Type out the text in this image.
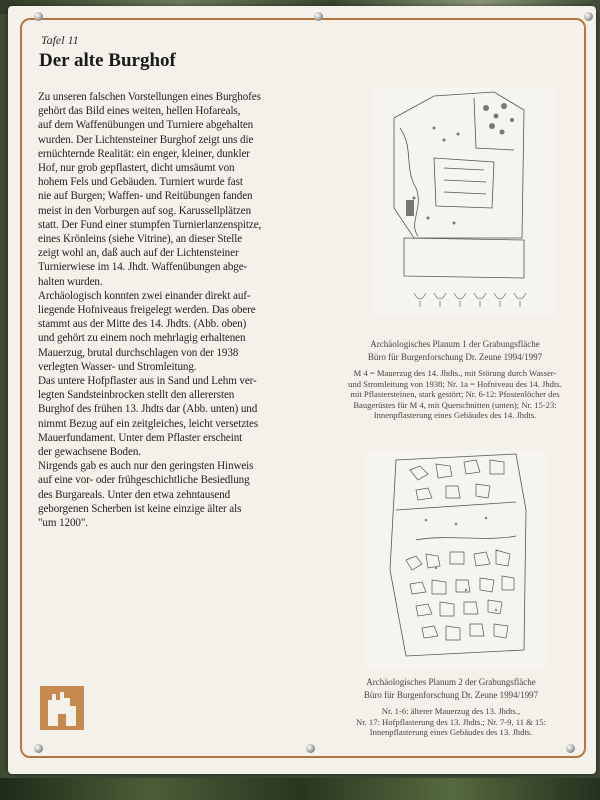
Tafel 11
Der alte Burghof
Zu unseren falschen Vorstellungen eines Burghofes
gehört das Bild eines weiten, hellen Hofareals,
auf dem Waffenübungen und Turniere abgehalten
wurden. Der Lichtensteiner Burghof zeigt uns die
ernüchternde Realität: ein enger, kleiner, dunkler
Hof, nur grob gepflastert, dicht umsäumt von
hohem Fels und Gebäuden. Turniert wurde fast
nie auf Burgen; Waffen- und Reitübungen fanden
meist in den Vorburgen auf sog. Karussellplätzen
statt. Der Fund einer stumpfen Turnierlanzenspitze,
eines Krönleins (siehe Vitrine), an dieser Stelle
zeigt wohl an, daß auch auf der Lichtensteiner
Turnierwiese im 14. Jhdt. Waffenübungen abge-
halten wurden.
Archäologisch konnten zwei einander direkt auf-
liegende Hofniveaus freigelegt werden. Das obere
stammt aus der Mitte des 14. Jhdts. (Abb. oben)
und gehört zu einem noch mehrlagig erhaltenen
Mauerzug, brutal durchschlagen von der 1938
verlegten Wasser- und Stromleitung.
Das untere Hofpflaster aus in Sand und Lehm ver-
legten Sandsteinbrocken stellt den allerersten
Burghof des frühen 13. Jhdts dar (Abb. unten) und
nimmt Bezug auf ein zeitgleiches, leicht versetztes
Mauerfundament. Unter dem Pflaster erscheint
der gewachsene Boden.
Nirgends gab es auch nur den geringsten Hinweis
auf eine vor- oder frühgeschichtliche Besiedlung
des Burgareals. Unter den etwa zehntausend
geborgenen Scherben ist keine einzige älter als
"um 1200".
Archäologisches Planum 1 der Grabungsfläche
Büro für Burgenforschung Dr. Zeune 1994/1997
M 4 = Mauerzug des 14. Jhdts., mit Störung durch Wasser-
und Stromleitung von 1938; Nr. 1a = Hofniveau des 14. Jhdts.
mit Pflastersteinen, stark gestört; Nr. 6-12: Pfostenlöcher des
Baugerüstes für M 4, mit Querschnitten (unten); Nr. 15-23:
Innenpflasterung eines Gebäudes des 14. Jhdts.
Archäologisches Planum 2 der Grabungsfläche
Büro für Burgenforschung Dr. Zeune 1994/1997
Nr. 1-6: älterer Mauerzug des 13. Jhdts.,
Nr. 17: Hofpflasterung des 13. Jhdts.; Nr. 7-9, 11 & 15:
Innenpflasterung eines Gebäudes des 13. Jhdts.
